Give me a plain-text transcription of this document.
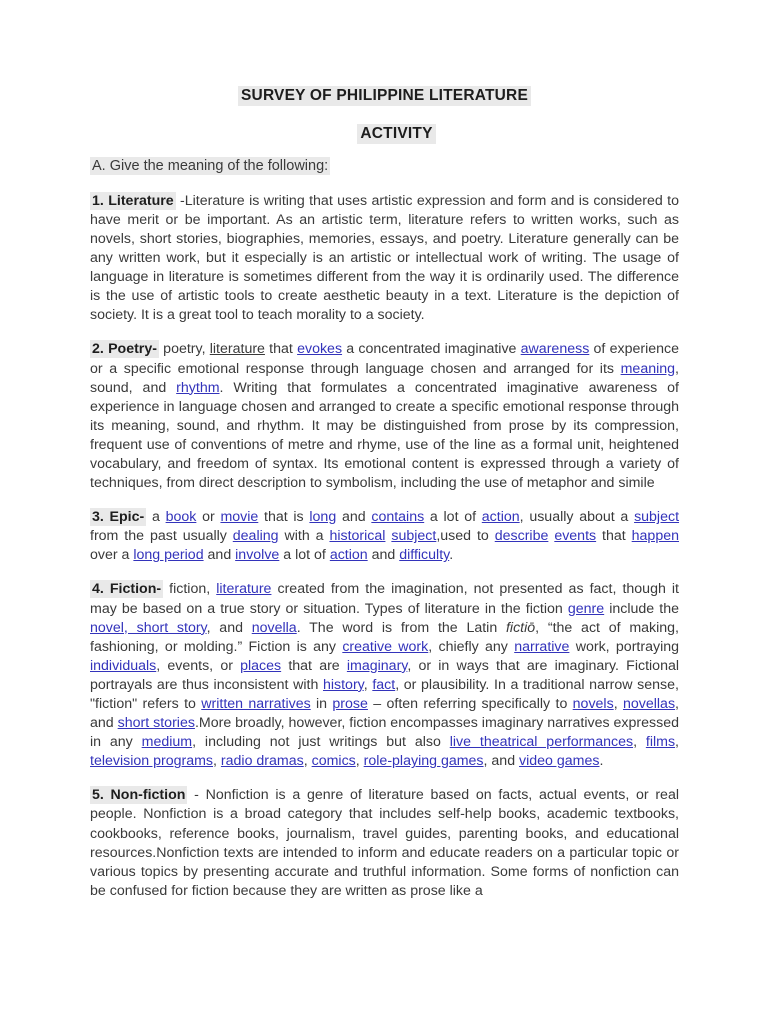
SURVEY OF PHILIPPINE LITERATURE
ACTIVITY
A. Give the meaning of the following:

1. Literature -Literature is writing that uses artistic expression and form and is considered to have merit or be important. As an artistic term, literature refers to written works, such as novels, short stories, biographies, memories, essays, and poetry. Literature generally can be any written work, but it especially is an artistic or intellectual work of writing. The usage of language in literature is sometimes different from the way it is ordinarily used. The difference is the use of artistic tools to create aesthetic beauty in a text. Literature is the depiction of society. It is a great tool to teach morality to a society.

2. Poetry- poetry, literature that evokes a concentrated imaginative awareness of experience or a specific emotional response through language chosen and arranged for its meaning, sound, and rhythm. Writing that formulates a concentrated imaginative awareness of experience in language chosen and arranged to create a specific emotional response through its meaning, sound, and rhythm. It may be distinguished from prose by its compression, frequent use of conventions of metre and rhyme, use of the line as a formal unit, heightened vocabulary, and freedom of syntax. Its emotional content is expressed through a variety of techniques, from direct description to symbolism, including the use of metaphor and simile

3. Epic- a book or movie that is long and contains a lot of action, usually about a subject from the past usually dealing with a historical subject,used to describe events that happen over a long period and involve a lot of action and difficulty.

4. Fiction- fiction, literature created from the imagination, not presented as fact, though it may be based on a true story or situation. Types of literature in the fiction genre include the novel, short story, and novella. The word is from the Latin fictiō, “the act of making, fashioning, or molding.” Fiction is any creative work, chiefly any narrative work, portraying individuals, events, or places that are imaginary, or in ways that are imaginary. Fictional portrayals are thus inconsistent with history, fact, or plausibility. In a traditional narrow sense, "fiction" refers to written narratives in prose – often referring specifically to novels, novellas, and short stories.More broadly, however, fiction encompasses imaginary narratives expressed in any medium, including not just writings but also live theatrical performances, films, television programs, radio dramas, comics, role-playing games, and video games.

5. Non-fiction - Nonfiction is a genre of literature based on facts, actual events, or real people. Nonfiction is a broad category that includes self-help books, academic textbooks, cookbooks, reference books, journalism, travel guides, parenting books, and educational resources.Nonfiction texts are intended to inform and educate readers on a particular topic or various topics by presenting accurate and truthful information. Some forms of nonfiction can be confused for fiction because they are written as prose like a
